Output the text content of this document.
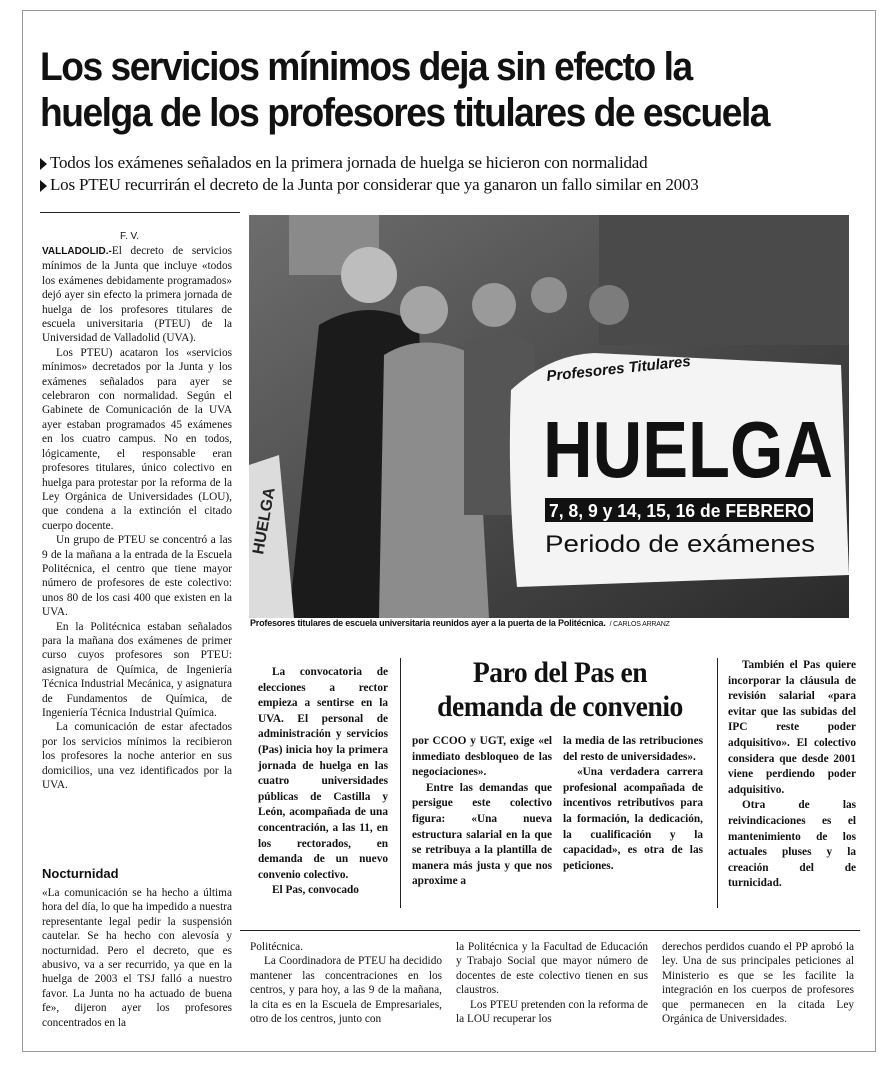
Los servicios mínimos deja sin efecto la
huelga de los profesores titulares de escuela

Todos los exámenes señalados en la primera jornada de huelga se hicieron con normalidad

Los PTEU recurrirán el decreto de la Junta por considerar que ya ganaron un fallo similar en 2003

F. V.

VALLADOLID.-El decreto de servicios mínimos de la Junta que incluye «todos los exámenes debidamente programados» dejó ayer sin efecto la primera jornada de huelga de los profesores titulares de escuela universitaria (PTEU) de la Universidad de Valladolid (UVA).

Los PTEU) acataron los «servicios mínimos» decretados por la Junta y los exámenes señalados para ayer se celebraron con normalidad. Según el Gabinete de Comunicación de la UVA ayer estaban programados 45 exámenes en los cuatro campus. No en todos, lógicamente, el responsable eran profesores titulares, único colectivo en huelga para protestar por la reforma de la Ley Orgánica de Universidades (LOU), que condena a la extinción el citado cuerpo docente.

Un grupo de PTEU se concentró a las 9 de la mañana a la entrada de la Escuela Politécnica, el centro que tiene mayor número de profesores de este colectivo: unos 80 de los casi 400 que existen en la UVA.

En la Politécnica estaban señalados para la mañana dos exámenes de primer curso cuyos profesores son PTEU: asignatura de Química, de Ingeniería Técnica Industrial Mecánica, y asignatura de Fundamentos de Química, de Ingeniería Técnica Industrial Química.

La comunicación de estar afectados por los servicios mínimos la recibieron los profesores la noche anterior en sus domicilios, una vez identificados por la UVA.

Nocturnidad

«La comunicación se ha hecho a última hora del día, lo que ha impedido a nuestra representante legal pedir la suspensión cautelar. Se ha hecho con alevosía y nocturnidad. Pero el decreto, que es abusivo, va a ser recurrido, ya que en la huelga de 2003 el TSJ falló a nuestro favor. La Junta no ha actuado de buena fe», dijeron ayer los profesores concentrados en la

HUELGA
Profesores Titulares
HUELGA
7, 8, 9 y 14, 15, 16 de FEBRERO
Periodo de exámenes
Profesores titulares de escuela universitaria reunidos ayer a la puerta de la Politécnica. / CARLOS ARRANZ
Paro del Pas en
demanda de convenio

La convocatoria de elecciones a rector empieza a sentirse en la UVA. El personal de administración y servicios (Pas) inicia hoy la primera jornada de huelga en las cuatro universidades públicas de Castilla y León, acompañada de una concentración, a las 11, en los rectorados, en demanda de un nuevo convenio colectivo.

El Pas, convocado

por CCOO y UGT, exige «el inmediato desbloqueo de las negociaciones».

Entre las demandas que persigue este colectivo figura: «Una nueva estructura salarial en la que se retribuya a la plantilla de manera más justa y que nos aproxime a

la media de las retribuciones del resto de universidades».

«Una verdadera carrera profesional acompañada de incentivos retributivos para la formación, la dedicación, la cualificación y la capacidad», es otra de las peticiones.

También el Pas quiere incorporar la cláusula de revisión salarial «para evitar que las subidas del IPC reste poder adquisitivo». El colectivo considera que desde 2001 viene perdiendo poder adquisitivo.

Otra de las reivindicaciones es el mantenimiento de los actuales pluses y la creación del de turnicidad.

Politécnica.

La Coordinadora de PTEU ha decidido mantener las concentraciones en los centros, y para hoy, a las 9 de la mañana, la cita es en la Escuela de Empresariales, otro de los centros, junto con

la Politécnica y la Facultad de Educación y Trabajo Social que mayor número de docentes de este colectivo tienen en sus claustros.

Los PTEU pretenden con la reforma de la LOU recuperar los

derechos perdidos cuando el PP aprobó la ley. Una de sus principales peticiones al Ministerio es que se les facilite la integración en los cuerpos de profesores que permanecen en la citada Ley Orgánica de Universidades.
